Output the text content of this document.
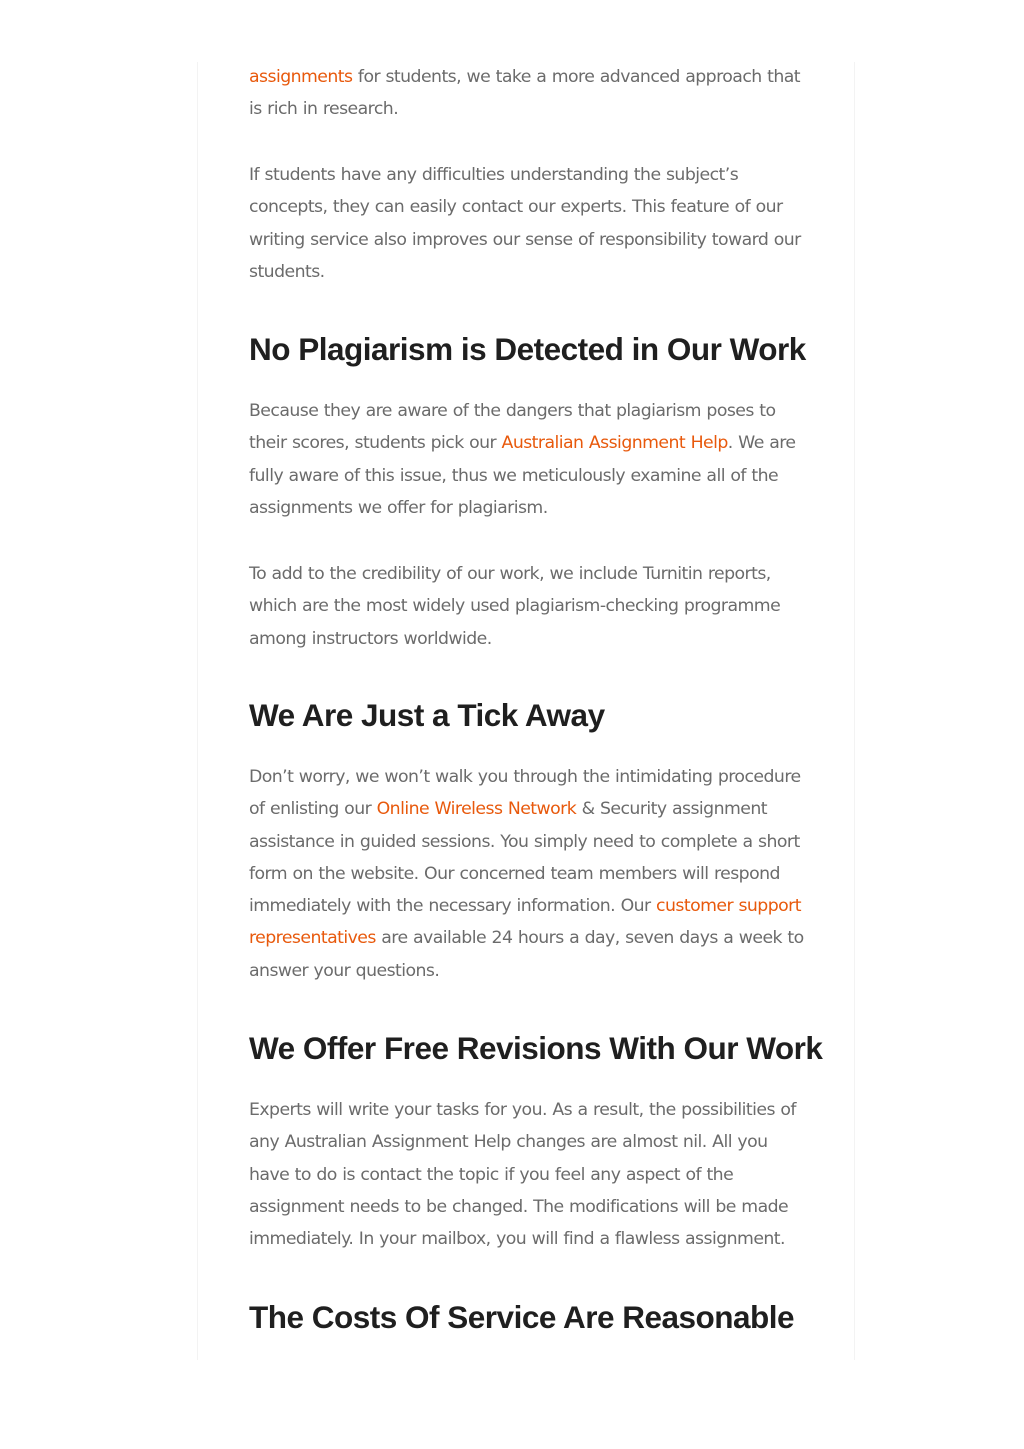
assignments for students, we take a more advanced approach that is rich in research.

If students have any difficulties understanding the subject’s concepts, they can easily contact our experts. This feature of our writing service also improves our sense of responsibility toward our students.

No Plagiarism is Detected in Our Work

Because they are aware of the dangers that plagiarism poses to their scores, students pick our Australian Assignment Help. We are fully aware of this issue, thus we meticulously examine all of the assignments we offer for plagiarism.

To add to the credibility of our work, we include Turnitin reports, which are the most widely used plagiarism-checking programme among instructors worldwide.

We Are Just a Tick Away

Don’t worry, we won’t walk you through the intimidating procedure of enlisting our Online Wireless Network & Security assignment assistance in guided sessions. You simply need to complete a short form on the website. Our concerned team members will respond immediately with the necessary information. Our customer support representatives are available 24 hours a day, seven days a week to answer your questions.

We Offer Free Revisions With Our Work

Experts will write your tasks for you. As a result, the possibilities of any Australian Assignment Help changes are almost nil. All you have to do is contact the topic if you feel any aspect of the assignment needs to be changed. The modifications will be made immediately. In your mailbox, you will find a flawless assignment.

The Costs Of Service Are Reasonable
